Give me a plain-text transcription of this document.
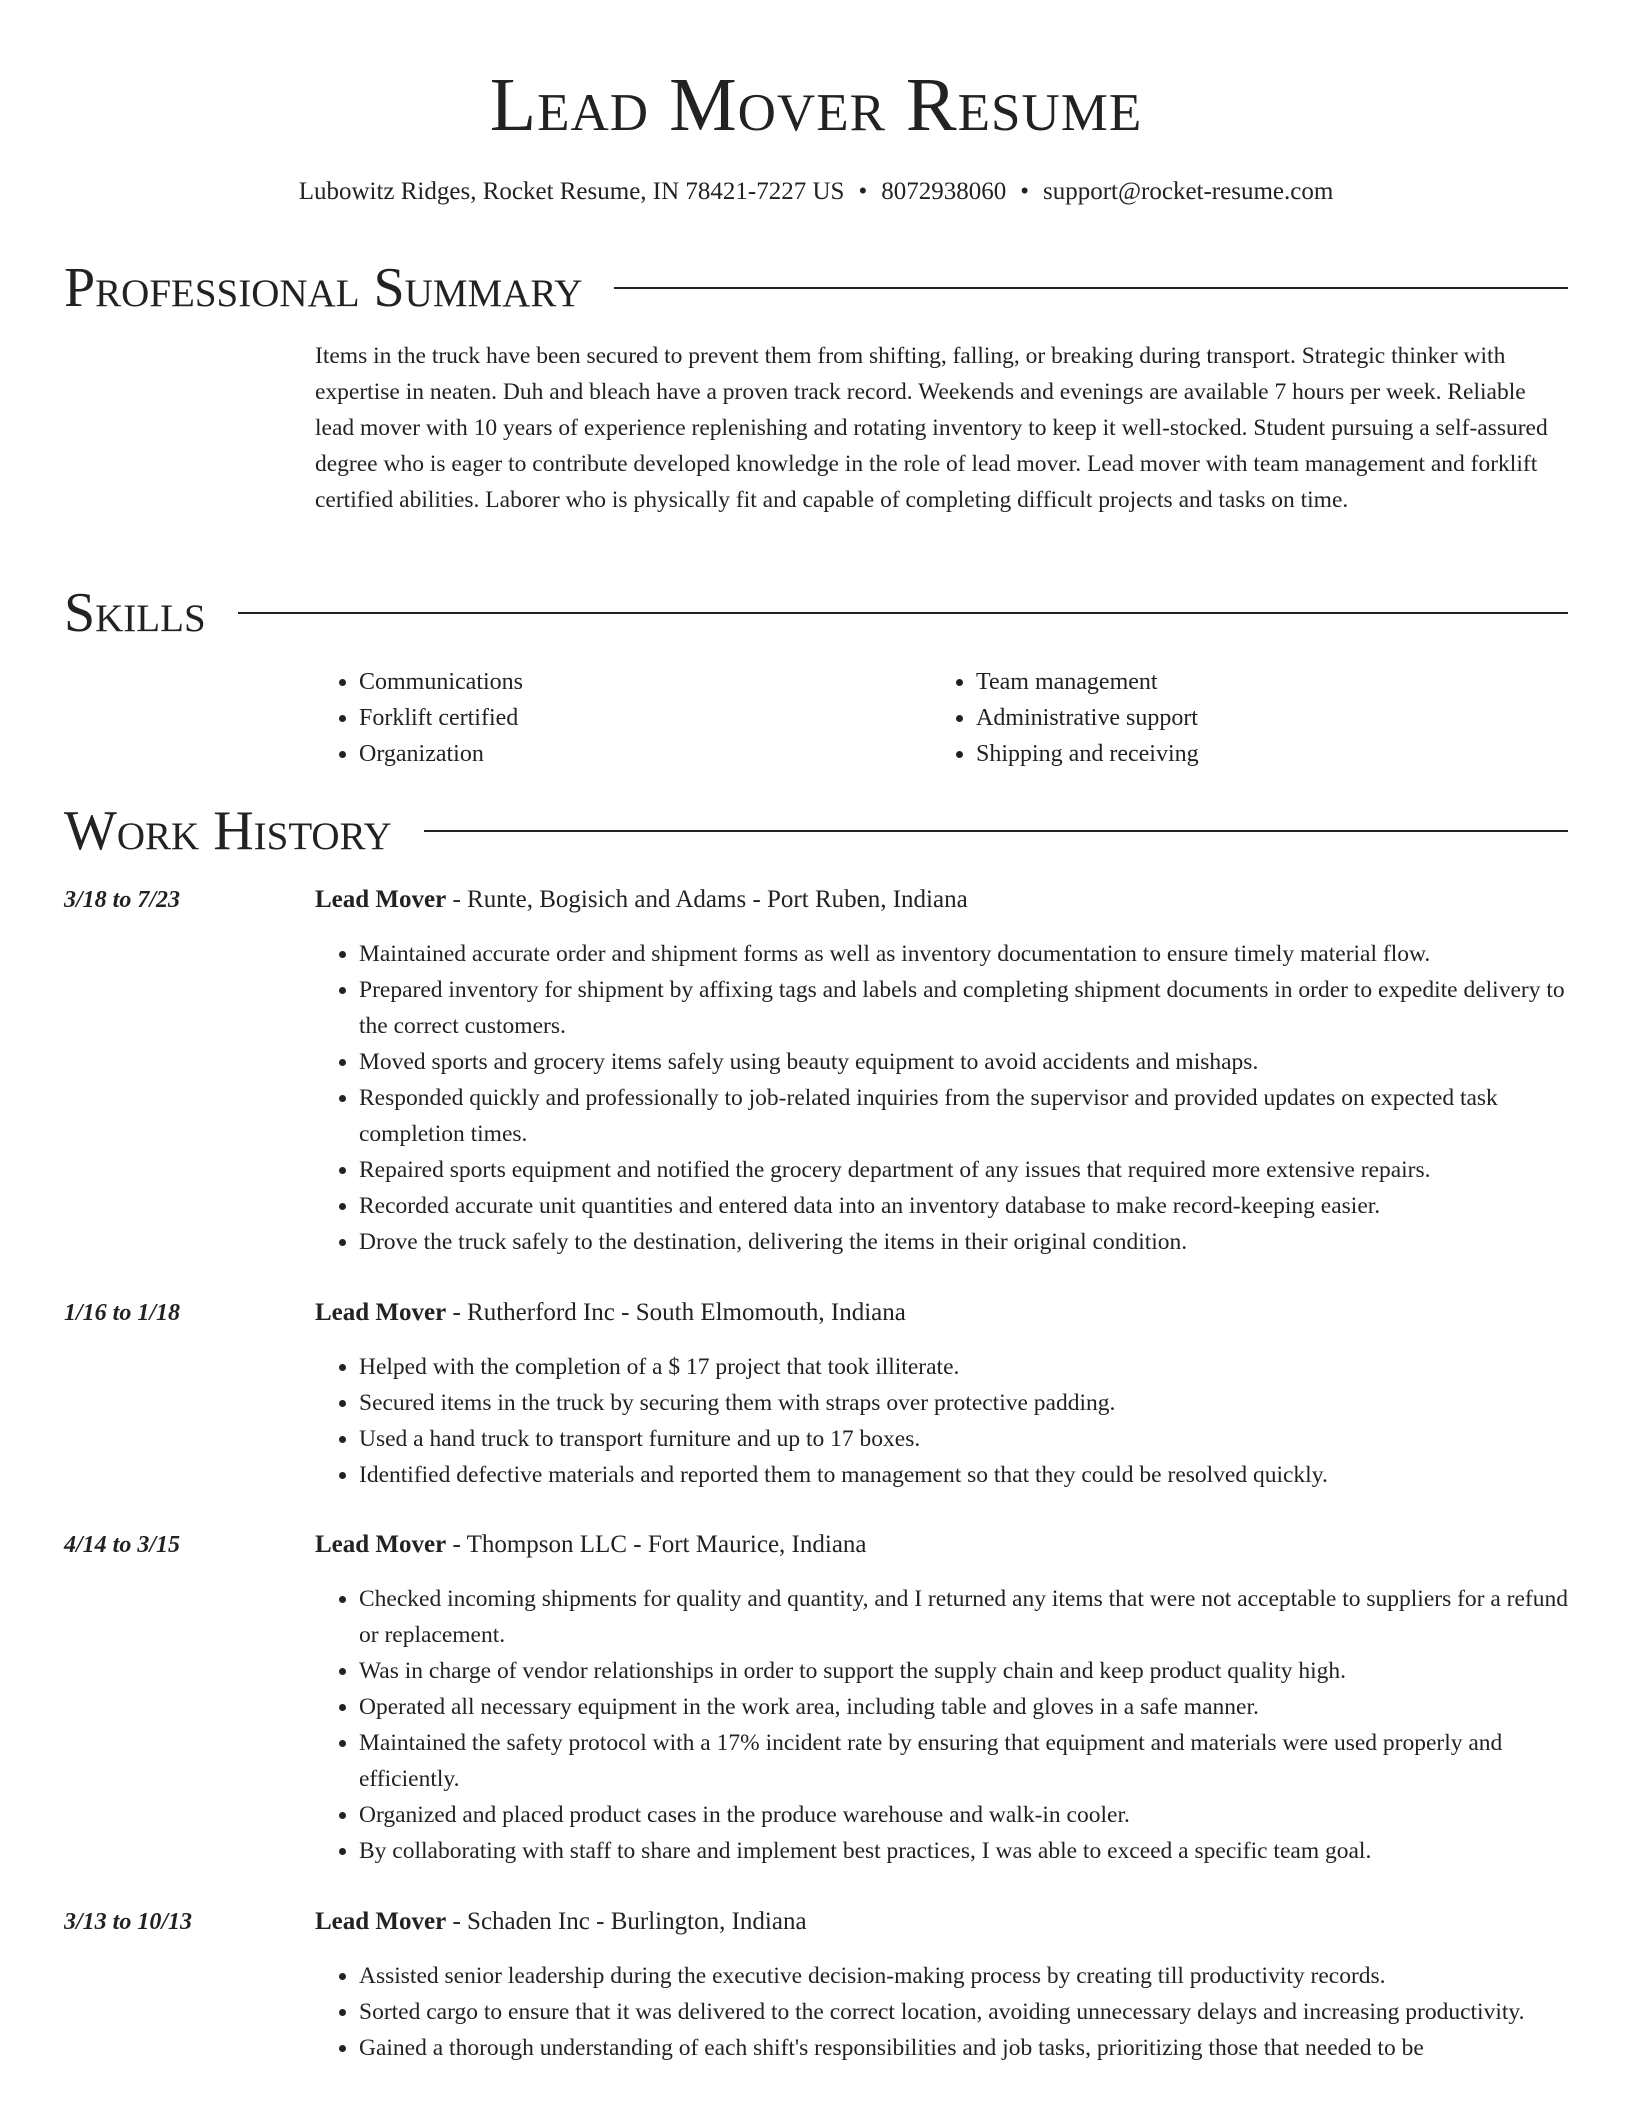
Lead Mover Resume
Lubowitz Ridges, Rocket Resume, IN 78421-7227 US • 8072938060 • support@rocket-resume.com
Professional Summary

Items in the truck have been secured to prevent them from shifting, falling, or breaking during transport. Strategic thinker with expertise in neaten. Duh and bleach have a proven track record. Weekends and evenings are available 7 hours per week. Reliable lead mover with 10 years of experience replenishing and rotating inventory to keep it well-stocked. Student pursuing a self-assured degree who is eager to contribute developed knowledge in the role of lead mover. Lead mover with team management and forklift certified abilities. Laborer who is physically fit and capable of completing difficult projects and tasks on time.

Skills
• Communications
• Forklift certified
• Organization
• Team management
• Administrative support
• Shipping and receiving
Work History
3/18 to 7/23	Lead Mover - Runte, Bogisich and Adams - Port Ruben, Indiana
• Maintained accurate order and shipment forms as well as inventory documentation to ensure timely material flow.
• Prepared inventory for shipment by affixing tags and labels and completing shipment documents in order to expedite delivery to the correct customers.
• Moved sports and grocery items safely using beauty equipment to avoid accidents and mishaps.
• Responded quickly and professionally to job-related inquiries from the supervisor and provided updates on expected task completion times.
• Repaired sports equipment and notified the grocery department of any issues that required more extensive repairs.
• Recorded accurate unit quantities and entered data into an inventory database to make record-keeping easier.
• Drove the truck safely to the destination, delivering the items in their original condition.
1/16 to 1/18	Lead Mover - Rutherford Inc - South Elmomouth, Indiana
• Helped with the completion of a $ 17 project that took illiterate.
• Secured items in the truck by securing them with straps over protective padding.
• Used a hand truck to transport furniture and up to 17 boxes.
• Identified defective materials and reported them to management so that they could be resolved quickly.
4/14 to 3/15	Lead Mover - Thompson LLC - Fort Maurice, Indiana
• Checked incoming shipments for quality and quantity, and I returned any items that were not acceptable to suppliers for a refund or replacement.
• Was in charge of vendor relationships in order to support the supply chain and keep product quality high.
• Operated all necessary equipment in the work area, including table and gloves in a safe manner.
• Maintained the safety protocol with a 17% incident rate by ensuring that equipment and materials were used properly and efficiently.
• Organized and placed product cases in the produce warehouse and walk-in cooler.
• By collaborating with staff to share and implement best practices, I was able to exceed a specific team goal.
3/13 to 10/13	Lead Mover - Schaden Inc - Burlington, Indiana
• Assisted senior leadership during the executive decision-making process by creating till productivity records.
• Sorted cargo to ensure that it was delivered to the correct location, avoiding unnecessary delays and increasing productivity.
• Gained a thorough understanding of each shift's responsibilities and job tasks, prioritizing those that needed to be
